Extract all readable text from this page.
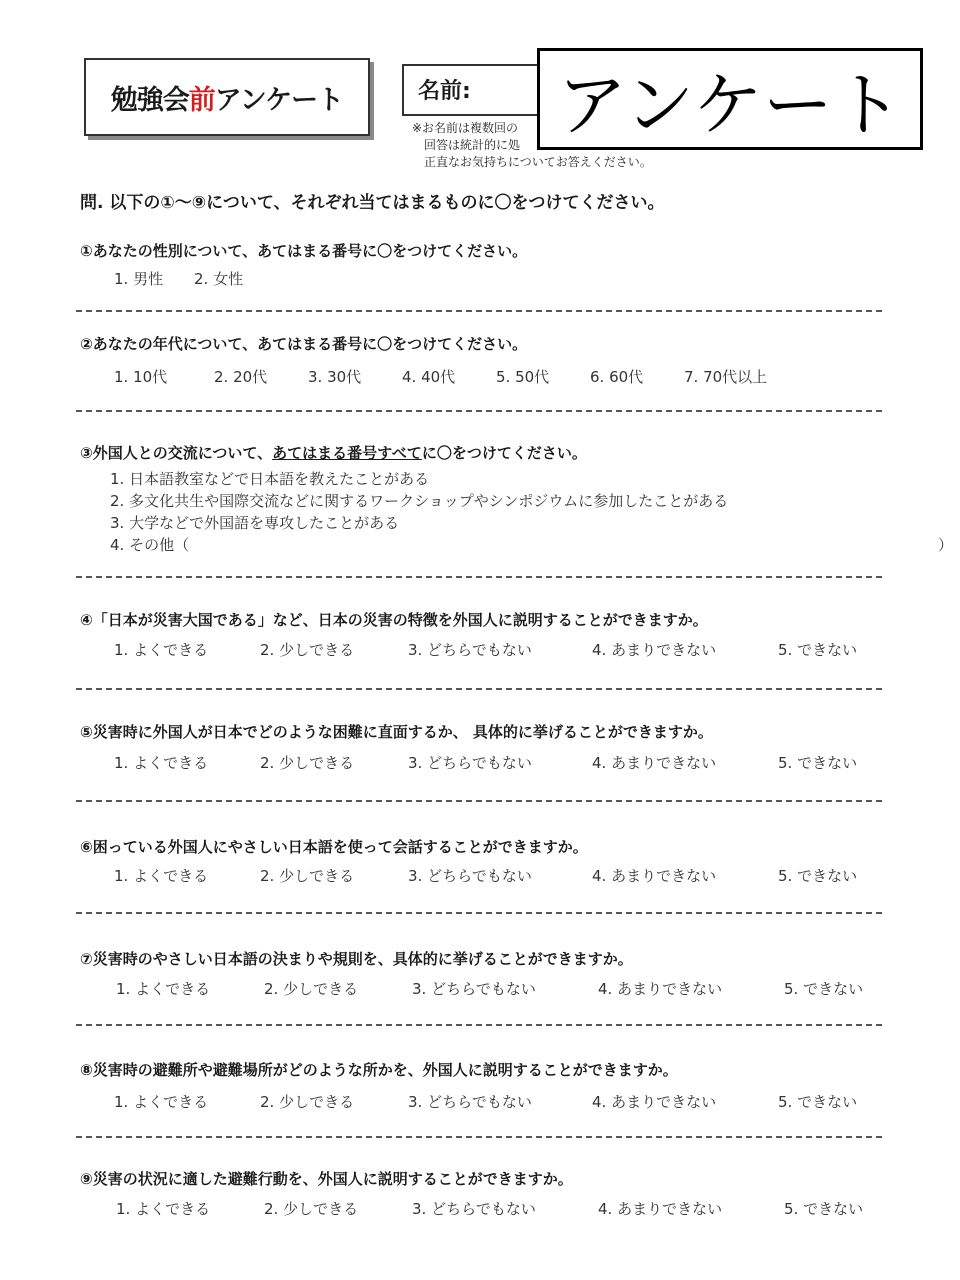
勉強会 前 アンケート	名前: アンケート
※お名前は複数回の
回答は統計的に処
正直なお気持ちについてお答えください。
問. 以下の①～⑨について、それぞれ当てはまるものに〇をつけてください。
①あなたの性別について、あてはまる番号に〇をつけてください。
1. 男性	2. 女性
②あなたの年代について、あてはまる番号に〇をつけてください。
1. 10代	2. 20代	3. 30代	4. 40代	5. 50代	6. 60代	7. 70代以上
③外国人との交流について、あてはまる番号すべてに〇をつけてください。
1. 日本語教室などで日本語を教えたことがある
2. 多文化共生や国際交流などに関するワークショップやシンポジウムに参加したことがある
3. 大学などで外国語を専攻したことがある
4. その他（	）
④「日本が災害大国である」など、日本の災害の特徴を外国人に説明することができますか。
1. よくできる	2. 少しできる	3. どちらでもない	4. あまりできない	5. できない
⑤災害時に外国人が日本でどのような困難に直面するか、 具体的に挙げることができますか。
1. よくできる	2. 少しできる	3. どちらでもない	4. あまりできない	5. できない
⑥困っている外国人にやさしい日本語を使って会話することができますか。
1. よくできる	2. 少しできる	3. どちらでもない	4. あまりできない	5. できない
⑦災害時のやさしい日本語の決まりや規則を、具体的に挙げることができますか。
1. よくできる	2. 少しできる	3. どちらでもない	4. あまりできない	5. できない
⑧災害時の避難所や避難場所がどのような所かを、外国人に説明することができますか。
1. よくできる	2. 少しできる	3. どちらでもない	4. あまりできない	5. できない
⑨災害の状況に適した避難行動を、外国人に説明することができますか。
1. よくできる	2. 少しできる	3. どちらでもない	4. あまりできない	5. できない
